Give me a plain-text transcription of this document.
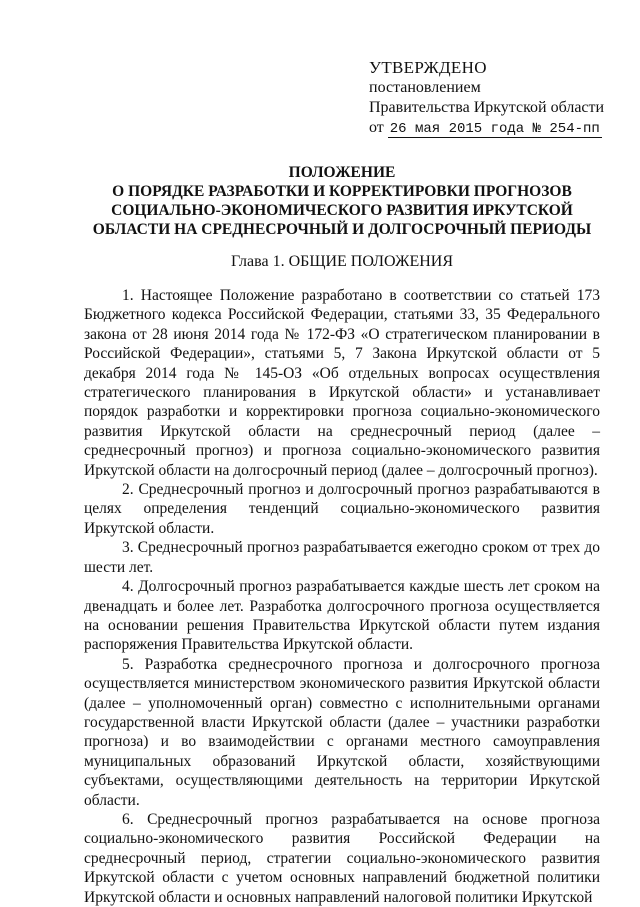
УТВЕРЖДЕНО
постановлением
Правительства Иркутской области
от 26 мая 2015 года № 254-пп
ПОЛОЖЕНИЕ
О ПОРЯДКЕ РАЗРАБОТКИ И КОРРЕКТИРОВКИ ПРОГНОЗОВ
СОЦИАЛЬНО-ЭКОНОМИЧЕСКОГО РАЗВИТИЯ ИРКУТСКОЙ
ОБЛАСТИ НА СРЕДНЕСРОЧНЫЙ И ДОЛГОСРОЧНЫЙ ПЕРИОДЫ
Глава 1. ОБЩИЕ ПОЛОЖЕНИЯ

1. Настоящее Положение разработано в соответствии со статьей 173 Бюджетного кодекса Российской Федерации, статьями 33, 35 Федерального закона от 28 июня 2014 года № 172-ФЗ «О стратегическом планировании в Российской Федерации», статьями 5, 7 Закона Иркутской области от 5 декабря 2014 года № 145-ОЗ «Об отдельных вопросах осуществления стратегического планирования в Иркутской области» и устанавливает порядок разработки и корректировки прогноза социально-экономического развития Иркутской области на среднесрочный период (далее – среднесрочный прогноз) и прогноза социально-экономического развития Иркутской области на долгосрочный период (далее – долгосрочный прогноз).

2. Среднесрочный прогноз и долгосрочный прогноз разрабатываются в целях определения тенденций социально-экономического развития Иркутской области.

3. Среднесрочный прогноз разрабатывается ежегодно сроком от трех до шести лет.

4. Долгосрочный прогноз разрабатывается каждые шесть лет сроком на двенадцать и более лет. Разработка долгосрочного прогноза осуществляется на основании решения Правительства Иркутской области путем издания распоряжения Правительства Иркутской области.

5. Разработка среднесрочного прогноза и долгосрочного прогноза осуществляется министерством экономического развития Иркутской области (далее – уполномоченный орган) совместно с исполнительными органами государственной власти Иркутской области (далее – участники разработки прогноза) и во взаимодействии с органами местного самоуправления муниципальных образований Иркутской области, хозяйствующими субъектами, осуществляющими деятельность на территории Иркутской области.

6. Среднесрочный прогноз разрабатывается на основе прогноза социально-экономического развития Российской Федерации на среднесрочный период, стратегии социально-экономического развития Иркутской области с учетом основных направлений бюджетной политики Иркутской области и основных направлений налоговой политики Иркутской
